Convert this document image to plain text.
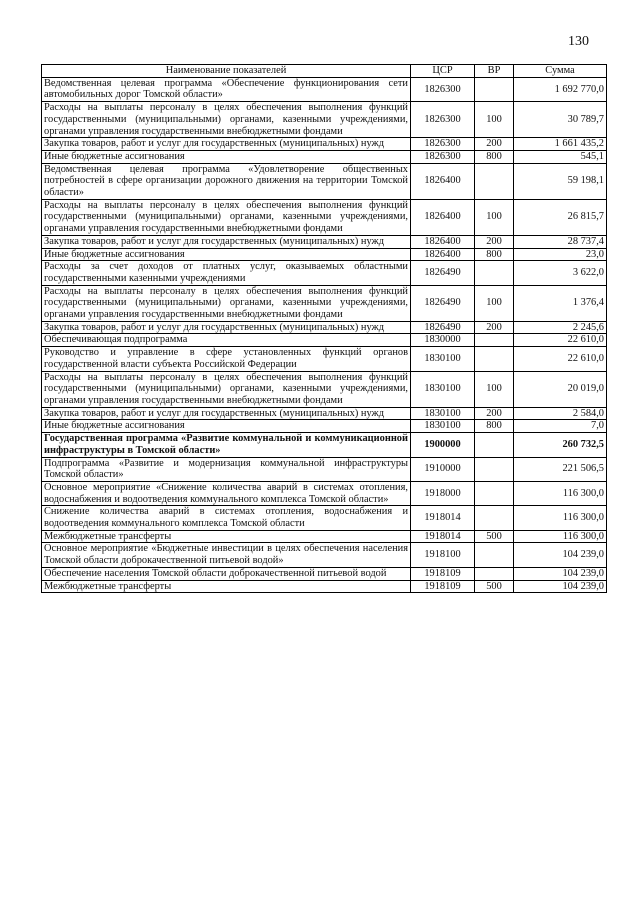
130
Наименование показателей	ЦСР	ВР	Сумма
Ведомственная целевая программа «Обеспечение функционирования сети автомобильных дорог Томской области»	1826300		1 692 770,0
Расходы на выплаты персоналу в целях обеспечения выполнения функций государственными (муниципальными) органами, казенными учреждениями, органами управления государственными внебюджетными фондами	1826300	100	30 789,7
Закупка товаров, работ и услуг для государственных (муниципальных) нужд	1826300	200	1 661 435,2
Иные бюджетные ассигнования	1826300	800	545,1
Ведомственная целевая программа «Удовлетворение общественных потребностей в сфере организации дорожного движения на территории Томской области»	1826400		59 198,1
Расходы на выплаты персоналу в целях обеспечения выполнения функций государственными (муниципальными) органами, казенными учреждениями, органами управления государственными внебюджетными фондами	1826400	100	26 815,7
Закупка товаров, работ и услуг для государственных (муниципальных) нужд	1826400	200	28 737,4
Иные бюджетные ассигнования	1826400	800	23,0
Расходы за счет доходов от платных услуг, оказываемых областными государственными казенными учреждениями	1826490		3 622,0
Расходы на выплаты персоналу в целях обеспечения выполнения функций государственными (муниципальными) органами, казенными учреждениями, органами управления государственными внебюджетными фондами	1826490	100	1 376,4
Закупка товаров, работ и услуг для государственных (муниципальных) нужд	1826490	200	2 245,6
Обеспечивающая подпрограмма	1830000		22 610,0
Руководство и управление в сфере установленных функций органов государственной власти субъекта Российской Федерации	1830100		22 610,0
Расходы на выплаты персоналу в целях обеспечения выполнения функций государственными (муниципальными) органами, казенными учреждениями, органами управления государственными внебюджетными фондами	1830100	100	20 019,0
Закупка товаров, работ и услуг для государственных (муниципальных) нужд	1830100	200	2 584,0
Иные бюджетные ассигнования	1830100	800	7,0
Государственная программа «Развитие коммунальной и коммуникационной инфраструктуры в Томской области»	1900000		260 732,5
Подпрограмма «Развитие и модернизация коммунальной инфраструктуры Томской области»	1910000		221 506,5
Основное мероприятие «Снижение количества аварий в системах отопления, водоснабжения и водоотведения коммунального комплекса Томской области»	1918000		116 300,0
Снижение количества аварий в системах отопления, водоснабжения и водоотведения коммунального комплекса Томской области	1918014		116 300,0
Межбюджетные трансферты	1918014	500	116 300,0
Основное мероприятие «Бюджетные инвестиции в целях обеспечения населения Томской области доброкачественной питьевой водой»	1918100		104 239,0
Обеспечение населения Томской области доброкачественной питьевой водой	1918109		104 239,0
Межбюджетные трансферты	1918109	500	104 239,0
